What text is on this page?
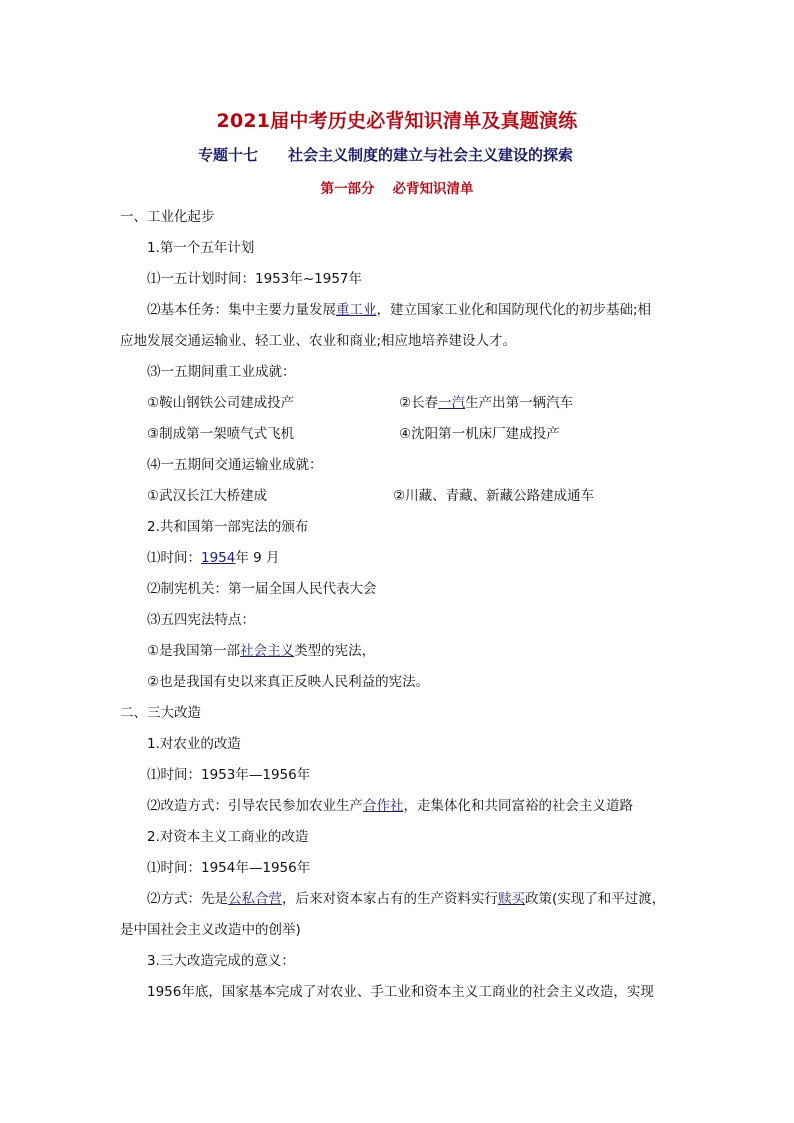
2021届中考历史必背知识清单及真题演练
专题十七 社会主义制度的建立与社会主义建设的探索
第一部分 必背知识清单
一、工业化起步
1.第一个五年计划
⑴一五计划时间：1953年~1957年
⑵基本任务：集中主要力量发展重工业，建立国家工业化和国防现代化的初步基础;相
应地发展交通运输业、轻工业、农业和商业;相应地培养建设人才。
⑶一五期间重工业成就：
①鞍山钢铁公司建成投产	②长春一汽生产出第一辆汽车
③制成第一架喷气式飞机	④沈阳第一机床厂建成投产
⑷一五期间交通运输业成就：
①武汉长江大桥建成	②川藏、青藏、新藏公路建成通车
2.共和国第一部宪法的颁布
⑴时间：1954年 9 月
⑵制宪机关：第一届全国人民代表大会
⑶五四宪法特点：
①是我国第一部社会主义类型的宪法，
②也是我国有史以来真正反映人民利益的宪法。
二、三大改造
1.对农业的改造
⑴时间：1953年—1956年
⑵改造方式：引导农民参加农业生产合作社，走集体化和共同富裕的社会主义道路
2.对资本主义工商业的改造
⑴时间：1954年—1956年
⑵方式：先是公私合营，后来对资本家占有的生产资料实行赎买政策(实现了和平过渡，
是中国社会主义改造中的创举)
3.三大改造完成的意义：
1956年底，国家基本完成了对农业、手工业和资本主义工商业的社会主义改造，实现
